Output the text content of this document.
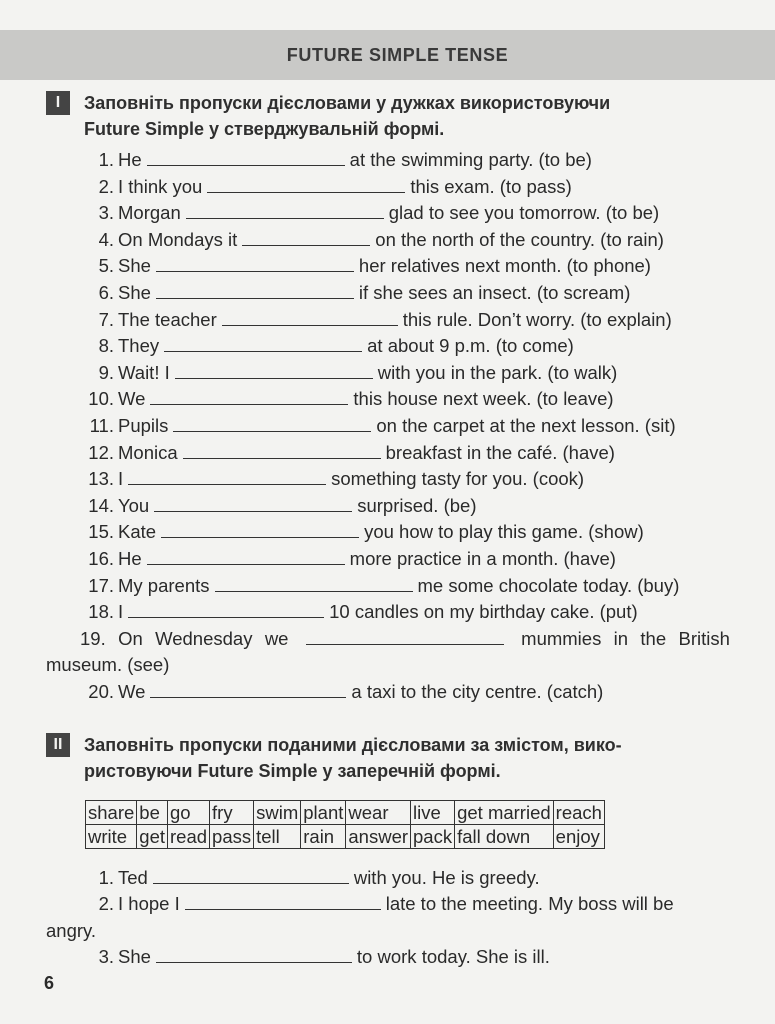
FUTURE SIMPLE TENSE
I Заповніть пропуски дієсловами у дужках використовуючи
Future Simple у стверджувальній формі.
1. He	at the swimming party. (to be)
2. I think you	this exam. (to pass)
3. Morgan	glad to see you tomorrow. (to be)
4. On Mondays it	on the north of the country. (to rain)
5. She	her relatives next month. (to phone)
6. She	if she sees an insect. (to scream)
7. The teacher	this rule. Don’t worry. (to explain)
8. They	at about 9 p.m. (to come)
9. Wait! I	with you in the park. (to walk)
10. We	this house next week. (to leave)
11. Pupils	on the carpet at the next lesson. (sit)
12. Monica	breakfast in the café. (have)
13. I	something tasty for you. (cook)
14. You	surprised. (be)
15. Kate	you how to play this game. (show)
16. He	more practice in a month. (have)
17. My parents	me some chocolate today. (buy)
18. I	10 candles on my birthday cake. (put)
19. On Wednesday we	mummies in the British
museum. (see)
20. We	a taxi to the city centre. (catch)
II Заповніть пропуски поданими дієсловами за змістом, вико-
ристовуючи Future Simple у заперечній формі.
share	be	go	fry	swim	plant	wear	live	get married	reach
write	get	read	pass	tell	rain	answer	pack	fall down	enjoy
1. Ted	with you. He is greedy.
2. I hope I	late to the meeting. My boss will be
angry.
3. She	to work today. She is ill.
6
